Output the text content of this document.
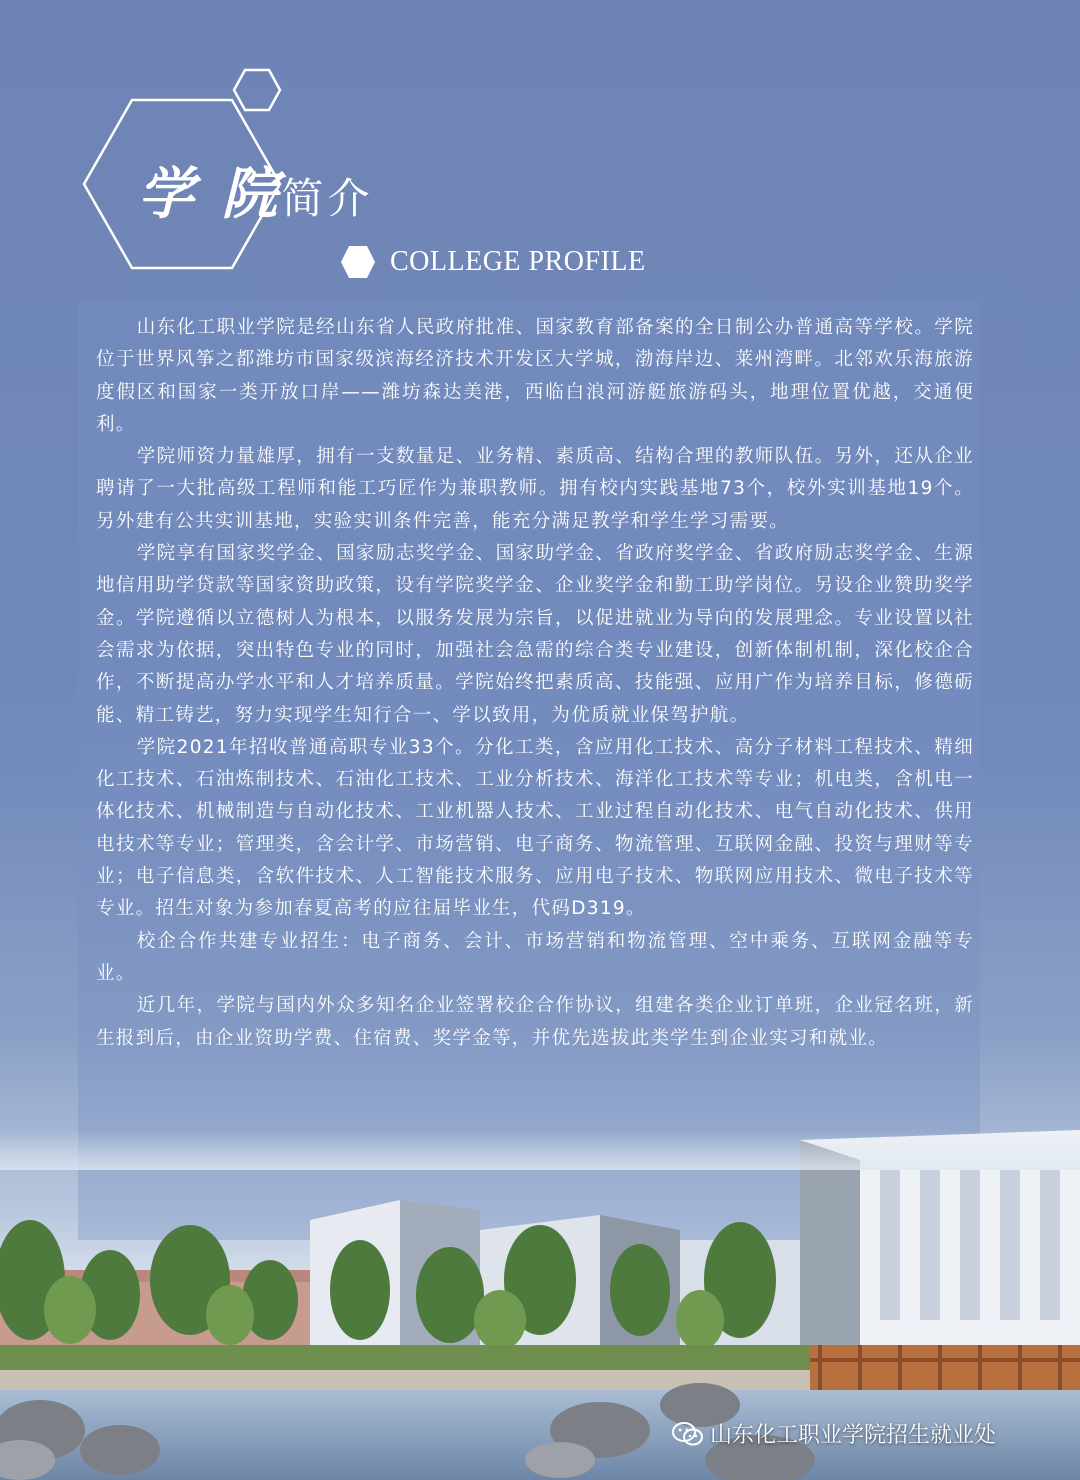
学 院简介
COLLEGE PROFILE

山东化工职业学院是经山东省人民政府批准、国家教育部备案的全日制公办普通高等学校。学院位于世界风筝之都潍坊市国家级滨海经济技术开发区大学城，渤海岸边、莱州湾畔。北邻欢乐海旅游度假区和国家一类开放口岸——潍坊森达美港，西临白浪河游艇旅游码头，地理位置优越，交通便利。

学院师资力量雄厚，拥有一支数量足、业务精、素质高、结构合理的教师队伍。另外，还从企业聘请了一大批高级工程师和能工巧匠作为兼职教师。拥有校内实践基地73个，校外实训基地19个。另外建有公共实训基地，实验实训条件完善，能充分满足教学和学生学习需要。

学院享有国家奖学金、国家励志奖学金、国家助学金、省政府奖学金、省政府励志奖学金、生源地信用助学贷款等国家资助政策，设有学院奖学金、企业奖学金和勤工助学岗位。另设企业赞助奖学金。学院遵循以立德树人为根本，以服务发展为宗旨，以促进就业为导向的发展理念。专业设置以社会需求为依据，突出特色专业的同时，加强社会急需的综合类专业建设，创新体制机制，深化校企合作，不断提高办学水平和人才培养质量。学院始终把素质高、技能强、应用广作为培养目标，修德砺能、精工铸艺，努力实现学生知行合一、学以致用，为优质就业保驾护航。

学院2021年招收普通高职专业33个。分化工类，含应用化工技术、高分子材料工程技术、精细化工技术、石油炼制技术、石油化工技术、工业分析技术、海洋化工技术等专业；机电类，含机电一体化技术、机械制造与自动化技术、工业机器人技术、工业过程自动化技术、电气自动化技术、供用电技术等专业；管理类，含会计学、市场营销、电子商务、物流管理、互联网金融、投资与理财等专业；电子信息类，含软件技术、人工智能技术服务、应用电子技术、物联网应用技术、微电子技术等专业。招生对象为参加春夏高考的应往届毕业生，代码D319。

校企合作共建专业招生：电子商务、会计、市场营销和物流管理、空中乘务、互联网金融等专业。

近几年，学院与国内外众多知名企业签署校企合作协议，组建各类企业订单班，企业冠名班，新生报到后，由企业资助学费、住宿费、奖学金等，并优先选拔此类学生到企业实习和就业。

山东化工职业学院招生就业处
